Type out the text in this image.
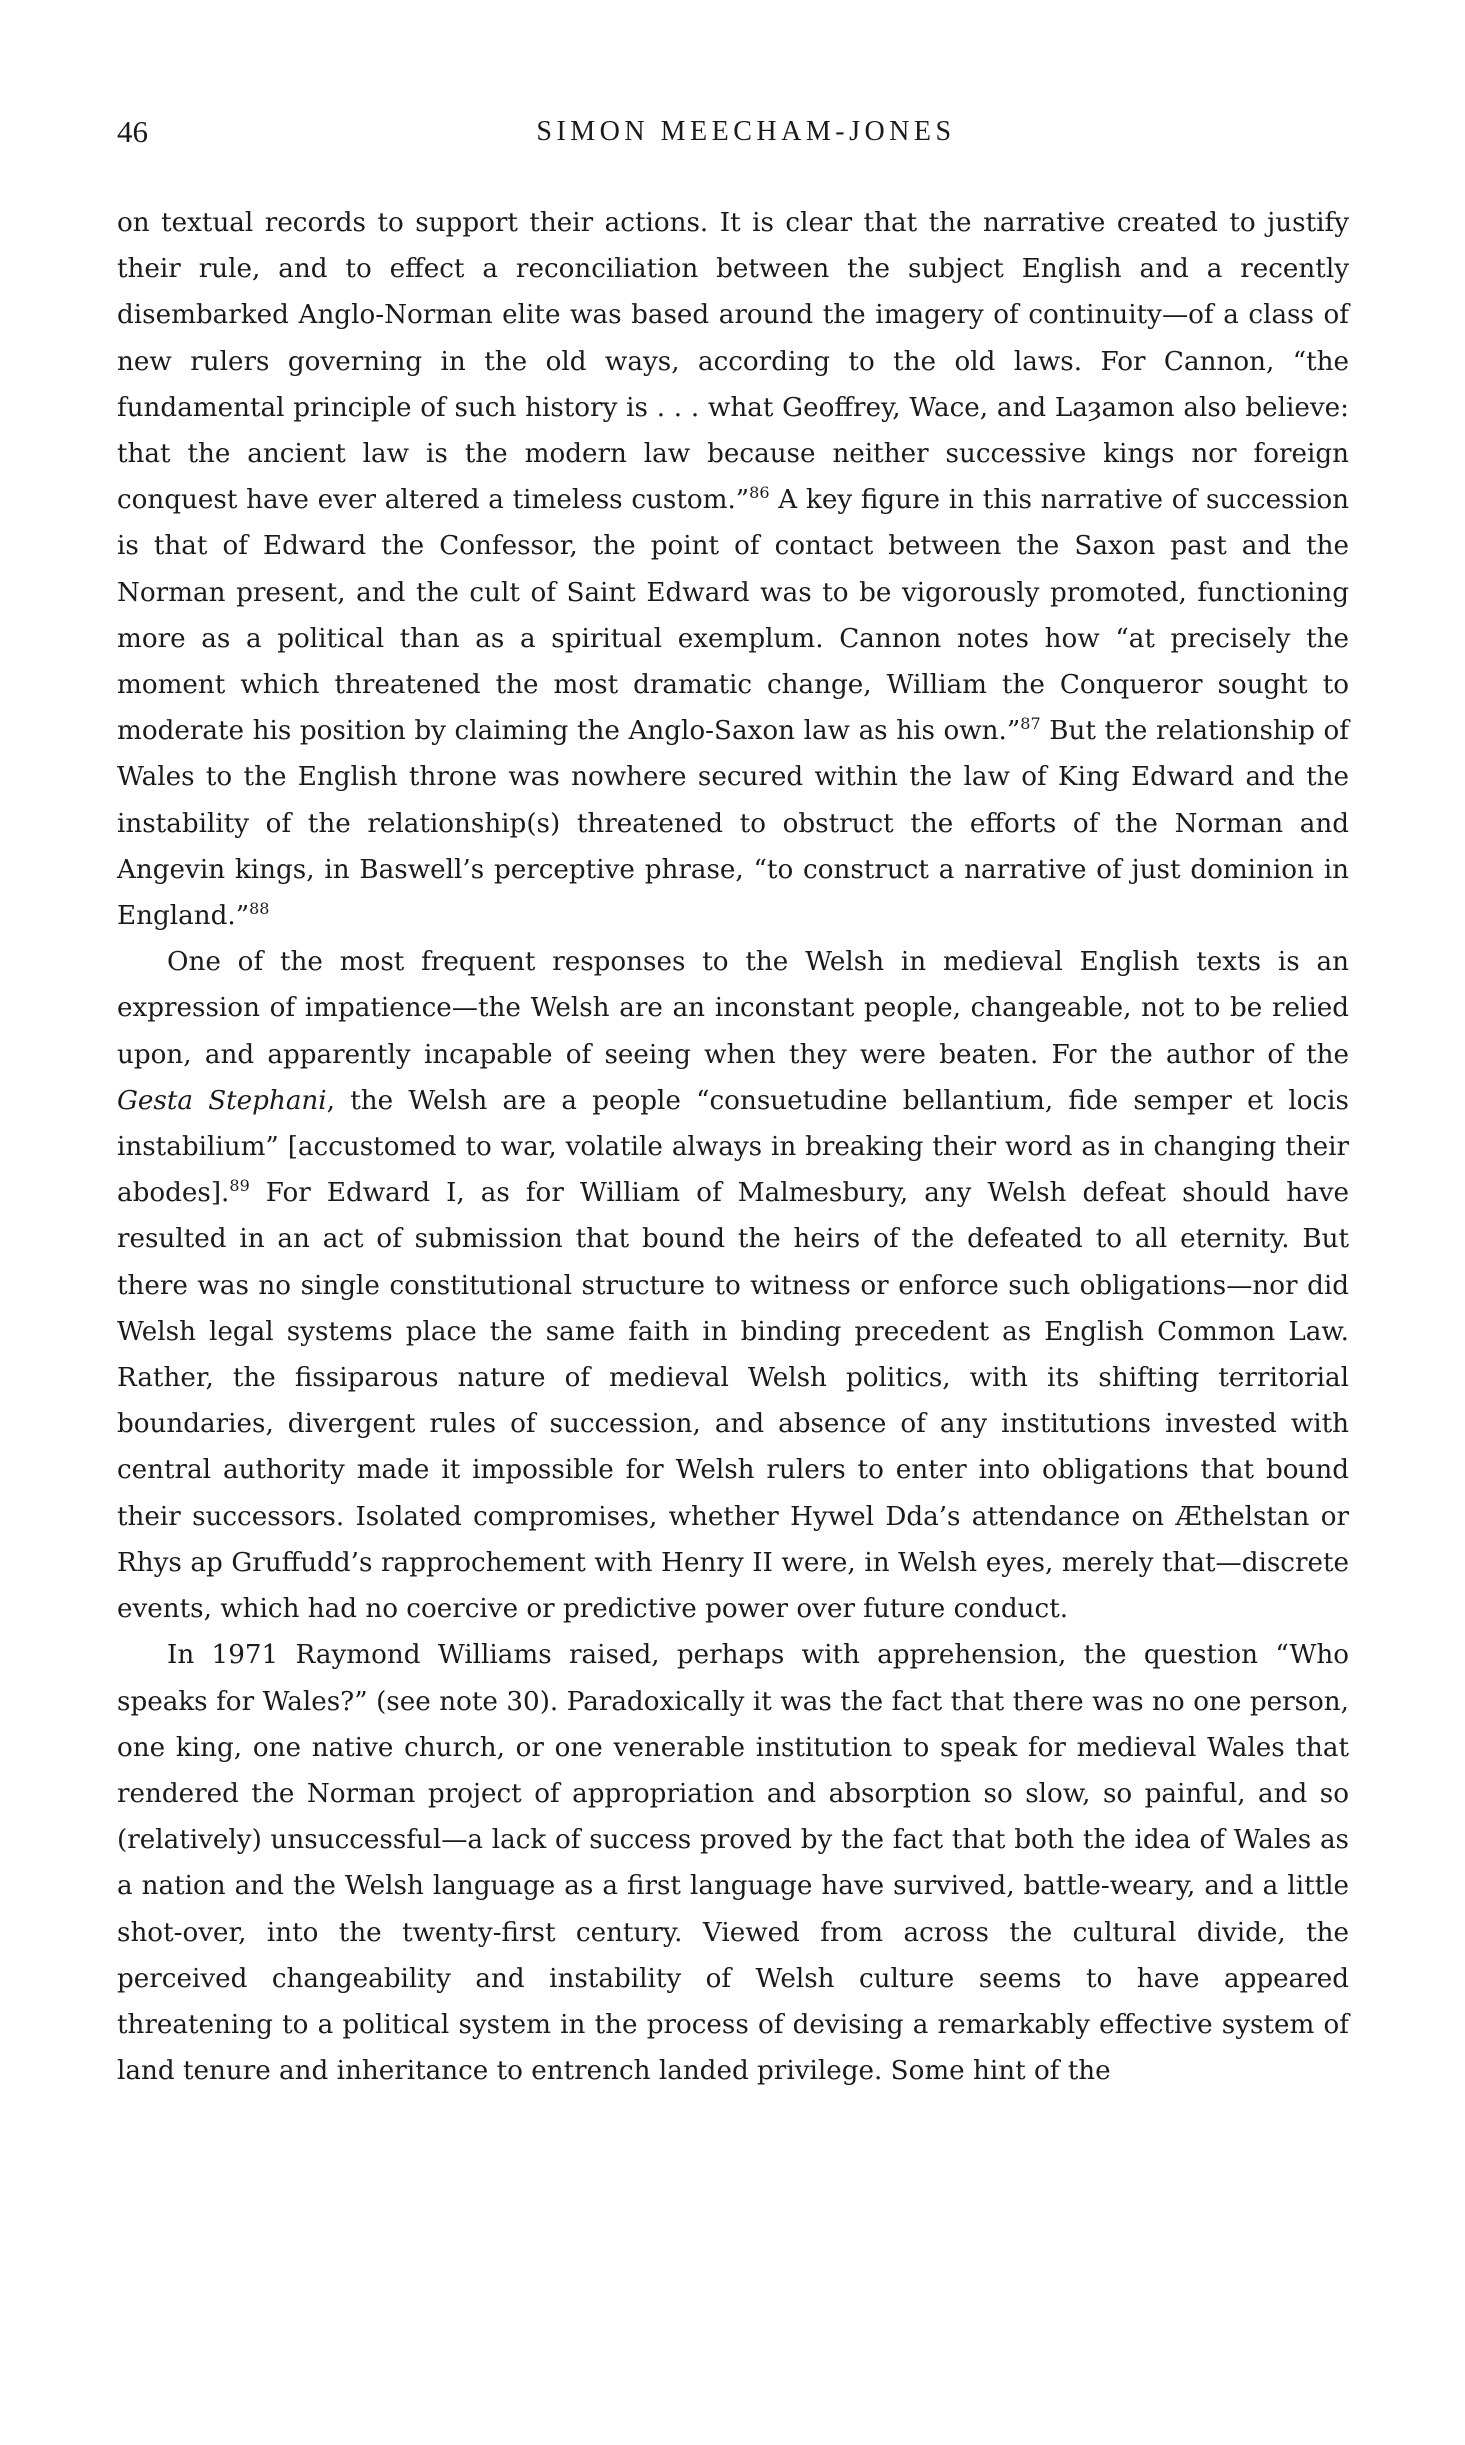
46	SIMON MEECHAM-JONES

on textual records to support their actions. It is clear that the narrative created to justify their rule, and to effect a reconciliation between the subject English and a recently disembarked Anglo-Norman elite was based around the imagery of continuity—of a class of new rulers governing in the old ways, according to the old laws. For Cannon, “the fundamental principle of such history is . . . what Geoffrey, Wace, and Laȝamon also believe: that the ancient law is the modern law because neither successive kings nor foreign conquest have ever altered a timeless custom.”$^{86}$ A key figure in this narrative of succession is that of Edward the Confessor, the point of contact between the Saxon past and the Norman present, and the cult of Saint Edward was to be vigorously promoted, functioning more as a political than as a spiritual exemplum. Cannon notes how “at precisely the moment which threatened the most dramatic change, William the Conqueror sought to moderate his position by claiming the Anglo-Saxon law as his own.”$^{87}$ But the relationship of Wales to the English throne was nowhere secured within the law of King Edward and the instability of the relationship(s) threatened to obstruct the efforts of the Norman and Angevin kings, in Baswell’s perceptive phrase, “to construct a narrative of just dominion in England.”$^{88}$

One of the most frequent responses to the Welsh in medieval English texts is an expression of impatience—the Welsh are an inconstant people, changeable, not to be relied upon, and apparently incapable of seeing when they were beaten. For the author of the Gesta Stephani, the Welsh are a people “consuetudine bellantium, fide semper et locis instabilium” [accustomed to war, volatile always in breaking their word as in changing their abodes].$^{89}$ For Edward I, as for William of Malmesbury, any Welsh defeat should have resulted in an act of submission that bound the heirs of the defeated to all eternity. But there was no single constitutional structure to witness or enforce such obligations—nor did Welsh legal systems place the same faith in binding precedent as English Common Law. Rather, the fissiparous nature of medieval Welsh politics, with its shifting territorial boundaries, divergent rules of succession, and absence of any institutions invested with central authority made it impossible for Welsh rulers to enter into obligations that bound their successors. Isolated compromises, whether Hywel Dda’s attendance on Æthelstan or Rhys ap Gruffudd’s rapprochement with Henry II were, in Welsh eyes, merely that—discrete events, which had no coercive or predictive power over future conduct.

In 1971 Raymond Williams raised, perhaps with apprehension, the question “Who speaks for Wales?” (see note 30). Paradoxically it was the fact that there was no one person, one king, one native church, or one venerable institution to speak for medieval Wales that rendered the Norman project of appropriation and absorption so slow, so painful, and so (relatively) unsuccessful—a lack of success proved by the fact that both the idea of Wales as a nation and the Welsh language as a first language have survived, battle-weary, and a little shot-over, into the twenty-first century. Viewed from across the cultural divide, the perceived changeability and instability of Welsh culture seems to have appeared threatening to a political system in the process of devising a remarkably effective system of land tenure and inheritance to entrench landed privilege. Some hint of the
